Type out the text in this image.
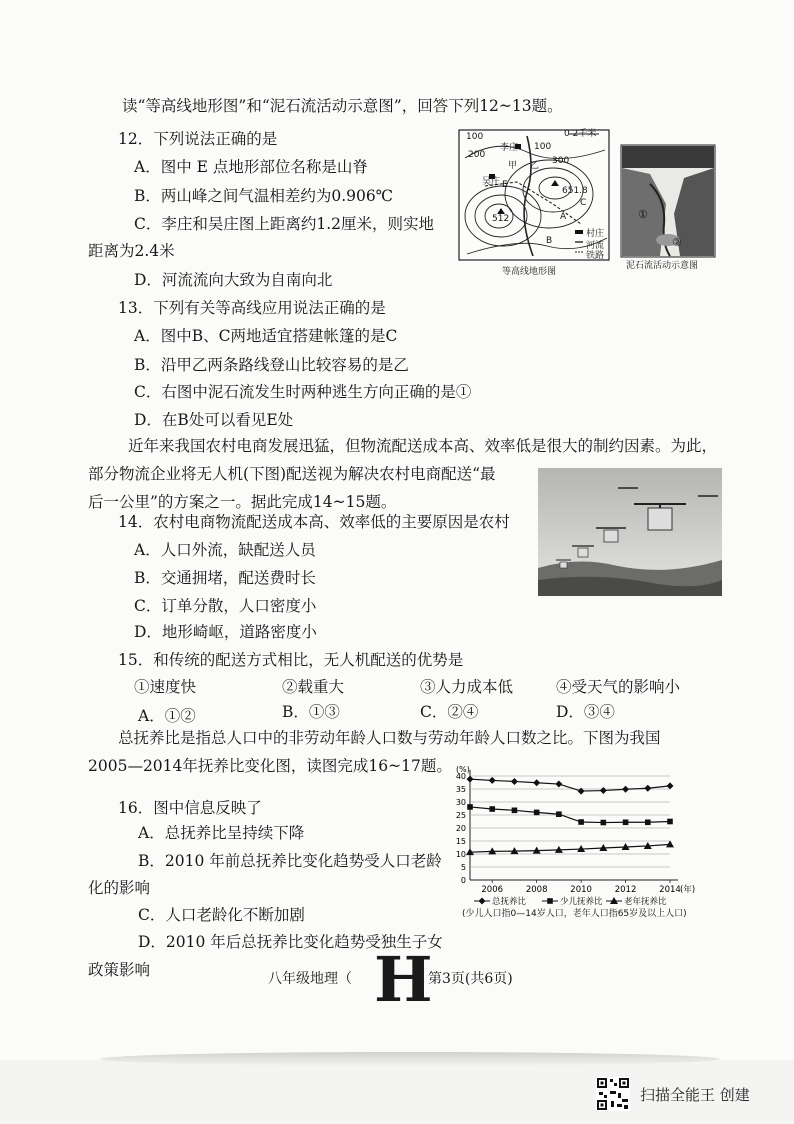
读“等高线地形图”和“泥石流活动示意图”，回答下列12~13题。
12．下列说法正确的是
A．图中 E 点地形部位名称是山脊
B．两山峰之间气温相差约为0.906℃
C．李庄和吴庄图上距离约1.2厘米，则实地
距离为2.4米
D．河流流向大致为自南向北
13．下列有关等高线应用说法正确的是
A．图中B、C两地适宜搭建帐篷的是C
B．沿甲乙两条路线登山比较容易的是乙
C．右图中泥石流发生时两种逃生方向正确的是①
D．在B处可以看见E处
0 2千米
李庄
吴庄
100
200
300
100
乙
甲
E
651.8
C
A
B
512
村庄
河流
铁路
等高线地形图
①
②
泥石流活动示意图
近年来我国农村电商发展迅猛，但物流配送成本高、效率低是很大的制约因素。为此，
部分物流企业将无人机(下图)配送视为解决农村电商配送“最
后一公里”的方案之一。据此完成14~15题。
14．农村电商物流配送成本高、效率低的主要原因是农村
A．人口外流，缺配送人员
B．交通拥堵，配送费时长
C．订单分散，人口密度小
D．地形崎岖，道路密度小
15．和传统的配送方式相比，无人机配送的优势是
①速度快	②载重大	③人力成本低	④受天气的影响小
A．①②	B．①③	C．②④	D．③④
总抚养比是指总人口中的非劳动年龄人口数与劳动年龄人口数之比。下图为我国
2005—2014年抚养比变化图，读图完成16~17题。
16．图中信息反映了
A．总抚养比呈持续下降
B．2010 年前总抚养比变化趋势受人口老龄
化的影响
C．人口老龄化不断加剧
D．2010 年后总抚养比变化趋势受独生子女
政策影响
0
5
10
15
20
25
30
35
40
(%)
2006	2008	2010	2012	2014 (年)
总抚养比	少儿抚养比	老年抚养比
(少儿人口指0—14岁人口，老年人口指65岁及以上人口)
八年级地理（ H
第3页(共6页)
扫描全能王 创建
